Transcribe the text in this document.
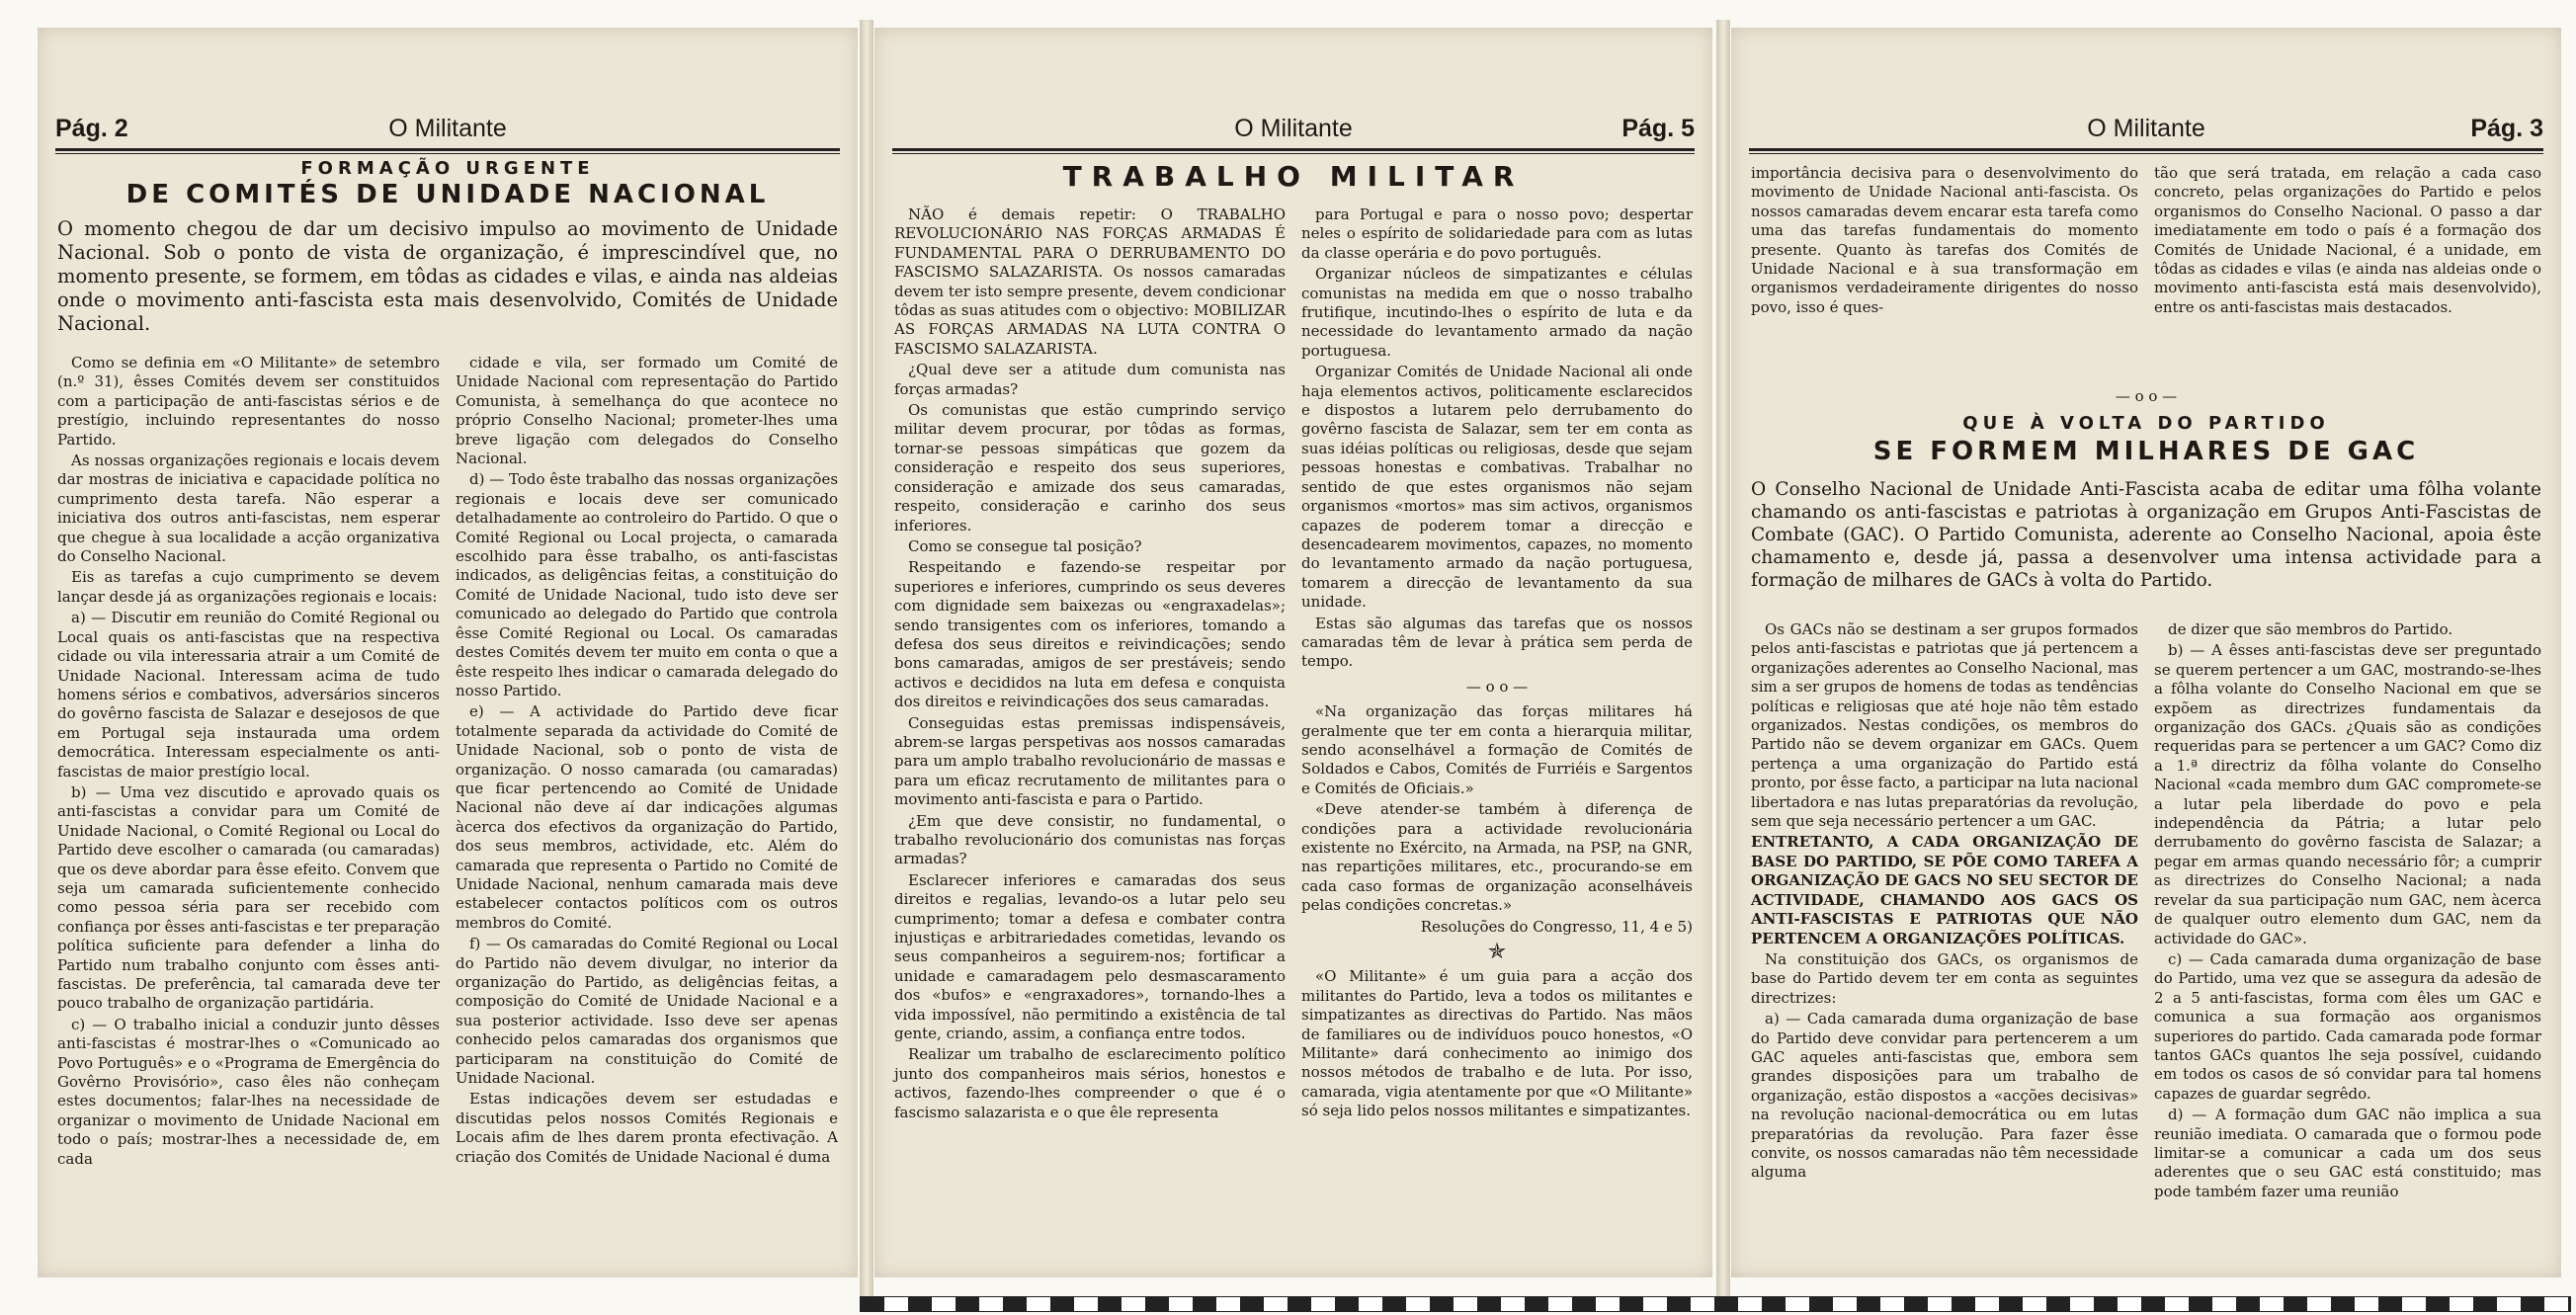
Pág. 2	O Militante
FORMAÇÃO URGENTE
DE COMITÉS DE UNIDADE NACIONAL
O momento chegou de dar um decisivo impulso ao movimento de Unidade Nacional. Sob o ponto de vista de organização, é imprescindível que, no momento presente, se formem, em tôdas as cidades e vilas, e ainda nas aldeias onde o movimento anti-fascista esta mais desenvolvido, Comités de Unidade Nacional.

Como se definia em «O Militante» de setembro (n.º 31), êsses Comités devem ser constituidos com a participação de anti-fascistas sérios e de prestígio, incluindo representantes do nosso Partido.

As nossas organizações regionais e locais devem dar mostras de iniciativa e capacidade política no cumprimento desta tarefa. Não esperar a iniciativa dos outros anti-fascistas, nem esperar que chegue à sua localidade a acção organizativa do Conselho Nacional.

Eis as tarefas a cujo cumprimento se devem lançar desde já as organizações regionais e locais:

a) — Discutir em reunião do Comité Regional ou Local quais os anti-fascistas que na respectiva cidade ou vila interessaria atrair a um Comité de Unidade Nacional. Interessam acima de tudo homens sérios e combativos, adversários sinceros do govêrno fascista de Salazar e desejosos de que em Portugal seja instaurada uma ordem democrática. Interessam especialmente os anti-fascistas de maior prestígio local.

b) — Uma vez discutido e aprovado quais os anti-fascistas a convidar para um Comité de Unidade Nacional, o Comité Regional ou Local do Partido deve escolher o camarada (ou camaradas) que os deve abordar para êsse efeito. Convem que seja um camarada suficientemente conhecido como pessoa séria para ser recebido com confiança por êsses anti-fascistas e ter preparação política suficiente para defender a linha do Partido num trabalho conjunto com êsses anti-fascistas. De preferência, tal camarada deve ter pouco trabalho de organização partidária.

c) — O trabalho inicial a conduzir junto dêsses anti-fascistas é mostrar-lhes o «Comunicado ao Povo Português» e o «Programa de Emergência do Govêrno Provisório», caso êles não conheçam estes documentos; falar-lhes na necessidade de organizar o movimento de Unidade Nacional em todo o país; mostrar-lhes a necessidade de, em cada

cidade e vila, ser formado um Comité de Unidade Nacional com representação do Partido Comunista, à semelhança do que acontece no próprio Conselho Nacional; prometer-lhes uma breve ligação com delegados do Conselho Nacional.

d) — Todo êste trabalho das nossas organizações regionais e locais deve ser comunicado detalhadamente ao controleiro do Partido. O que o Comité Regional ou Local projecta, o camarada escolhido para êsse trabalho, os anti-fascistas indicados, as deligências feitas, a constituição do Comité de Unidade Nacional, tudo isto deve ser comunicado ao delegado do Partido que controla êsse Comité Regional ou Local. Os camaradas destes Comités devem ter muito em conta o que a êste respeito lhes indicar o camarada delegado do nosso Partido.

e) — A actividade do Partido deve ficar totalmente separada da actividade do Comité de Unidade Nacional, sob o ponto de vista de organização. O nosso camarada (ou camaradas) que ficar pertencendo ao Comité de Unidade Nacional não deve aí dar indicações algumas àcerca dos efectivos da organização do Partido, dos seus membros, actividade, etc. Além do camarada que representa o Partido no Comité de Unidade Nacional, nenhum camarada mais deve estabelecer contactos políticos com os outros membros do Comité.

f) — Os camaradas do Comité Regional ou Local do Partido não devem divulgar, no interior da organização do Partido, as deligências feitas, a composição do Comité de Unidade Nacional e a sua posterior actividade. Isso deve ser apenas conhecido pelos camaradas dos organismos que participaram na constituição do Comité de Unidade Nacional.

Estas indicações devem ser estudadas e discutidas pelos nossos Comités Regionais e Locais afim de lhes darem pronta efectivação. A criação dos Comités de Unidade Nacional é duma

O Militante	Pág. 5
TRABALHO MILITAR

NÃO é demais repetir: O TRABALHO REVOLUCIONÁRIO NAS FORÇAS ARMADAS É FUNDAMENTAL PARA O DERRUBAMENTO DO FASCISMO SALAZARISTA. Os nossos camaradas devem ter isto sempre presente, devem condicionar tôdas as suas atitudes com o objectivo: MOBILIZAR AS FORÇAS ARMADAS NA LUTA CONTRA O FASCISMO SALAZARISTA.

¿Qual deve ser a atitude dum comunista nas forças armadas?

Os comunistas que estão cumprindo serviço militar devem procurar, por tôdas as formas, tornar-se pessoas simpáticas que gozem da consideração e respeito dos seus superiores, consideração e amizade dos seus camaradas, respeito, consideração e carinho dos seus inferiores.

Como se consegue tal posição?

Respeitando e fazendo-se respeitar por superiores e inferiores, cumprindo os seus deveres com dignidade sem baixezas ou «engraxadelas»; sendo transigentes com os inferiores, tomando a defesa dos seus direitos e reivindicações; sendo bons camaradas, amigos de ser prestáveis; sendo activos e decididos na luta em defesa e conquista dos direitos e reivindicações dos seus camaradas.

Conseguidas estas premissas indispensáveis, abrem-se largas perspetivas aos nossos camaradas para um amplo trabalho revolucionário de massas e para um eficaz recrutamento de militantes para o movimento anti-fascista e para o Partido.

¿Em que deve consistir, no fundamental, o trabalho revolucionário dos comunistas nas forças armadas?

Esclarecer inferiores e camaradas dos seus direitos e regalias, levando-os a lutar pelo seu cumprimento; tomar a defesa e combater contra injustiças e arbitrariedades cometidas, levando os seus companheiros a seguirem-nos; fortificar a unidade e camaradagem pelo desmascaramento dos «bufos» e «engraxadores», tornando-lhes a vida impossível, não permitindo a existência de tal gente, criando, assim, a confiança entre todos.

Realizar um trabalho de esclarecimento político junto dos companheiros mais sérios, honestos e activos, fazendo-lhes compreender o que é o fascismo salazarista e o que êle representa

para Portugal e para o nosso povo; despertar neles o espírito de solidariedade para com as lutas da classe operária e do povo português.

Organizar núcleos de simpatizantes e células comunistas na medida em que o nosso trabalho frutifique, incutindo-lhes o espírito de luta e da necessidade do levantamento armado da nação portuguesa.

Organizar Comités de Unidade Nacional ali onde haja elementos activos, politicamente esclarecidos e dispostos a lutarem pelo derrubamento do govêrno fascista de Salazar, sem ter em conta as suas idéias políticas ou religiosas, desde que sejam pessoas honestas e combativas. Trabalhar no sentido de que estes organismos não sejam organismos «mortos» mas sim activos, organismos capazes de poderem tomar a direcção e desencadearem movimentos, capazes, no momento do levantamento armado da nação portuguesa, tomarem a direcção de levantamento da sua unidade.

Estas são algumas das tarefas que os nossos camaradas têm de levar à prática sem perda de tempo.

— o o —

«Na organização das forças militares há geralmente que ter em conta a hierarquia militar, sendo aconselhável a formação de Comités de Soldados e Cabos, Comités de Furriéis e Sargentos e Comités de Oficiais.»

«Deve atender-se também à diferença de condições para a actividade revolucionária existente no Exército, na Armada, na PSP, na GNR, nas repartições militares, etc., procurando-se em cada caso formas de organização aconselháveis pelas condições concretas.»

Resoluções do Congresso, 11, 4 e 5)

✯

«O Militante» é um guia para a acção dos militantes do Partido, leva a todos os militantes e simpatizantes as directivas do Partido. Nas mãos de familiares ou de indivíduos pouco honestos, «O Militante» dará conhecimento ao inimigo dos nossos métodos de trabalho e de luta. Por isso, camarada, vigia atentamente por que «O Militante» só seja lido pelos nossos militantes e simpatizantes.

O Militante	Pág. 3

importância decisiva para o desenvolvimento do movimento de Unidade Nacional anti-fascista. Os nossos camaradas devem encarar esta tarefa como uma das tarefas fundamentais do momento presente. Quanto às tarefas dos Comités de Unidade Nacional e à sua transformação em organismos verdadeiramente dirigentes do nosso povo, isso é ques-

tão que será tratada, em relação a cada caso concreto, pelas organizações do Partido e pelos organismos do Conselho Nacional. O passo a dar imediatamente em todo o país é a formação dos Comités de Unidade Nacional, é a unidade, em tôdas as cidades e vilas (e ainda nas aldeias onde o movimento anti-fascista está mais desenvolvido), entre os anti-fascistas mais destacados.

— o o —
QUE À VOLTA DO PARTIDO
SE FORMEM MILHARES DE GAC
O Conselho Nacional de Unidade Anti-Fascista acaba de editar uma fôlha volante chamando os anti-fascistas e patriotas à organização em Grupos Anti-Fascistas de Combate (GAC). O Partido Comunista, aderente ao Conselho Nacional, apoia êste chamamento e, desde já, passa a desenvolver uma intensa actividade para a formação de milhares de GACs à volta do Partido.

Os GACs não se destinam a ser grupos formados pelos anti-fascistas e patriotas que já pertencem a organizações aderentes ao Conselho Nacional, mas sim a ser grupos de homens de todas as tendências políticas e religiosas que até hoje não têm estado organizados. Nestas condições, os membros do Partido não se devem organizar em GACs. Quem pertença a uma organização do Partido está pronto, por êsse facto, a participar na luta nacional libertadora e nas lutas preparatórias da revolução, sem que seja necessário pertencer a um GAC.

ENTRETANTO, A CADA ORGANIZAÇÃO DE BASE DO PARTIDO, SE PÕE COMO TAREFA A ORGANIZAÇÃO DE GACS NO SEU SECTOR DE ACTIVIDADE, CHAMANDO AOS GACS OS ANTI-FASCISTAS E PATRIOTAS QUE NÃO PERTENCEM A ORGANIZAÇÕES POLÍTICAS.

Na constituição dos GACs, os organismos de base do Partido devem ter em conta as seguintes directrizes:

a) — Cada camarada duma organização de base do Partido deve convidar para pertencerem a um GAC aqueles anti-fascistas que, embora sem grandes disposições para um trabalho de organização, estão dispostos a «acções decisivas» na revolução nacional-democrática ou em lutas preparatórias da revolução. Para fazer êsse convite, os nossos camaradas não têm necessidade alguma

de dizer que são membros do Partido.

b) — A êsses anti-fascistas deve ser preguntado se querem pertencer a um GAC, mostrando-se-lhes a fôlha volante do Conselho Nacional em que se expõem as directrizes fundamentais da organização dos GACs. ¿Quais são as condições requeridas para se pertencer a um GAC? Como diz a 1.ª directriz da fôlha volante do Conselho Nacional «cada membro dum GAC compromete-se a lutar pela liberdade do povo e pela independência da Pátria; a lutar pelo derrubamento do govêrno fascista de Salazar; a pegar em armas quando necessário fôr; a cumprir as directrizes do Conselho Nacional; a nada revelar da sua participação num GAC, nem àcerca de qualquer outro elemento dum GAC, nem da actividade do GAC».

c) — Cada camarada duma organização de base do Partido, uma vez que se assegura da adesão de 2 a 5 anti-fascistas, forma com êles um GAC e comunica a sua formação aos organismos superiores do partido. Cada camarada pode formar tantos GACs quantos lhe seja possível, cuidando em todos os casos de só convidar para tal homens capazes de guardar segrêdo.

d) — A formação dum GAC não implica a sua reunião imediata. O camarada que o formou pode limitar-se a comunicar a cada um dos seus aderentes que o seu GAC está constituido; mas pode também fazer uma reunião
